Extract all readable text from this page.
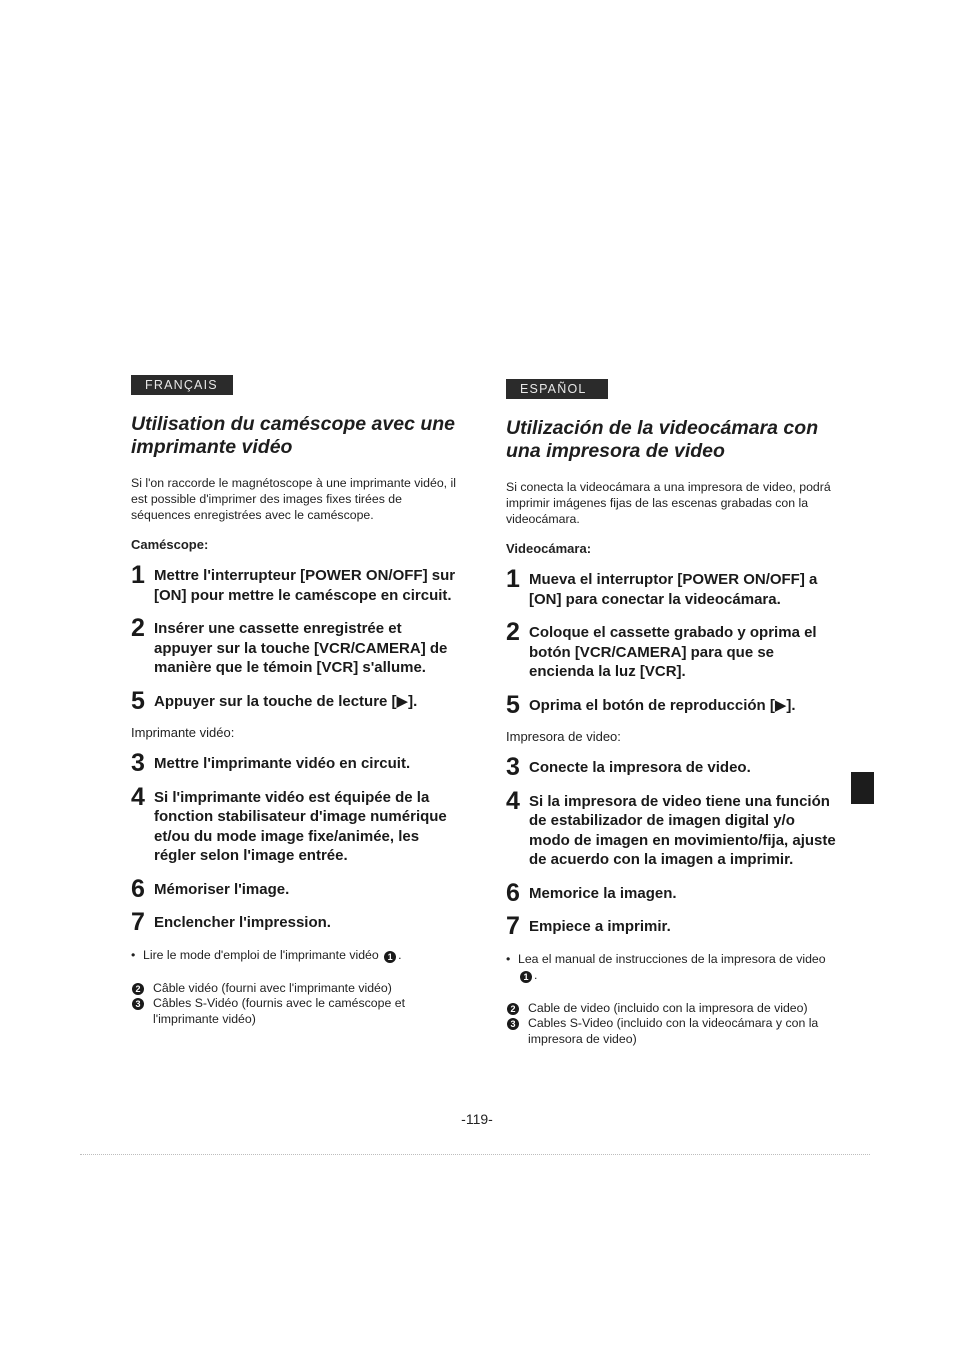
FRANÇAIS
Utilisation du caméscope avec une imprimante vidéo
Si l'on raccorde le magnétoscope à une imprimante vidéo, il est possible d'imprimer des images fixes tirées de séquences enregistrées avec le caméscope.
Caméscope:
1 Mettre l'interrupteur [POWER ON/OFF] sur [ON] pour mettre le caméscope en circuit.
2 Insérer une cassette enregistrée et appuyer sur la touche [VCR/CAMERA] de manière que le témoin [VCR] s'allume.
5 Appuyer sur la touche de lecture [▶].
Imprimante vidéo:
3 Mettre l'imprimante vidéo en circuit.
4 Si l'imprimante vidéo est équipée de la fonction stabilisateur d'image numérique et/ou du mode image fixe/animée, les régler selon l'image entrée.
6 Mémoriser l'image.
7 Enclencher l'impression.
• Lire le mode d'emploi de l'imprimante vidéo 1 .
2 Câble vidéo (fourni avec l'imprimante vidéo)
3 Câbles S-Vidéo (fournis avec le caméscope et l'imprimante vidéo)
ESPAÑOL
Utilización de la videocámara con una impresora de video
Si conecta la videocámara a una impresora de video, podrá imprimir imágenes fijas de las escenas grabadas con la videocámara.
Videocámara:
1 Mueva el interruptor [POWER ON/OFF] a [ON] para conectar la videocámara.
2 Coloque el cassette grabado y oprima el botón [VCR/CAMERA] para que se encienda la luz [VCR].
5 Oprima el botón de reproducción [▶].
Impresora de video:
3 Conecte la impresora de video.
4 Si la impresora de video tiene una función de estabilizador de imagen digital y/o modo de imagen en movimiento/fija, ajuste de acuerdo con la imagen a imprimir.
6 Memorice la imagen.
7 Empiece a imprimir.
• Lea el manual de instrucciones de la impresora de video 1 .
2 Cable de video (incluido con la impresora de video)
3 Cables S-Video (incluido con la videocámara y con la impresora de video)
-119-
